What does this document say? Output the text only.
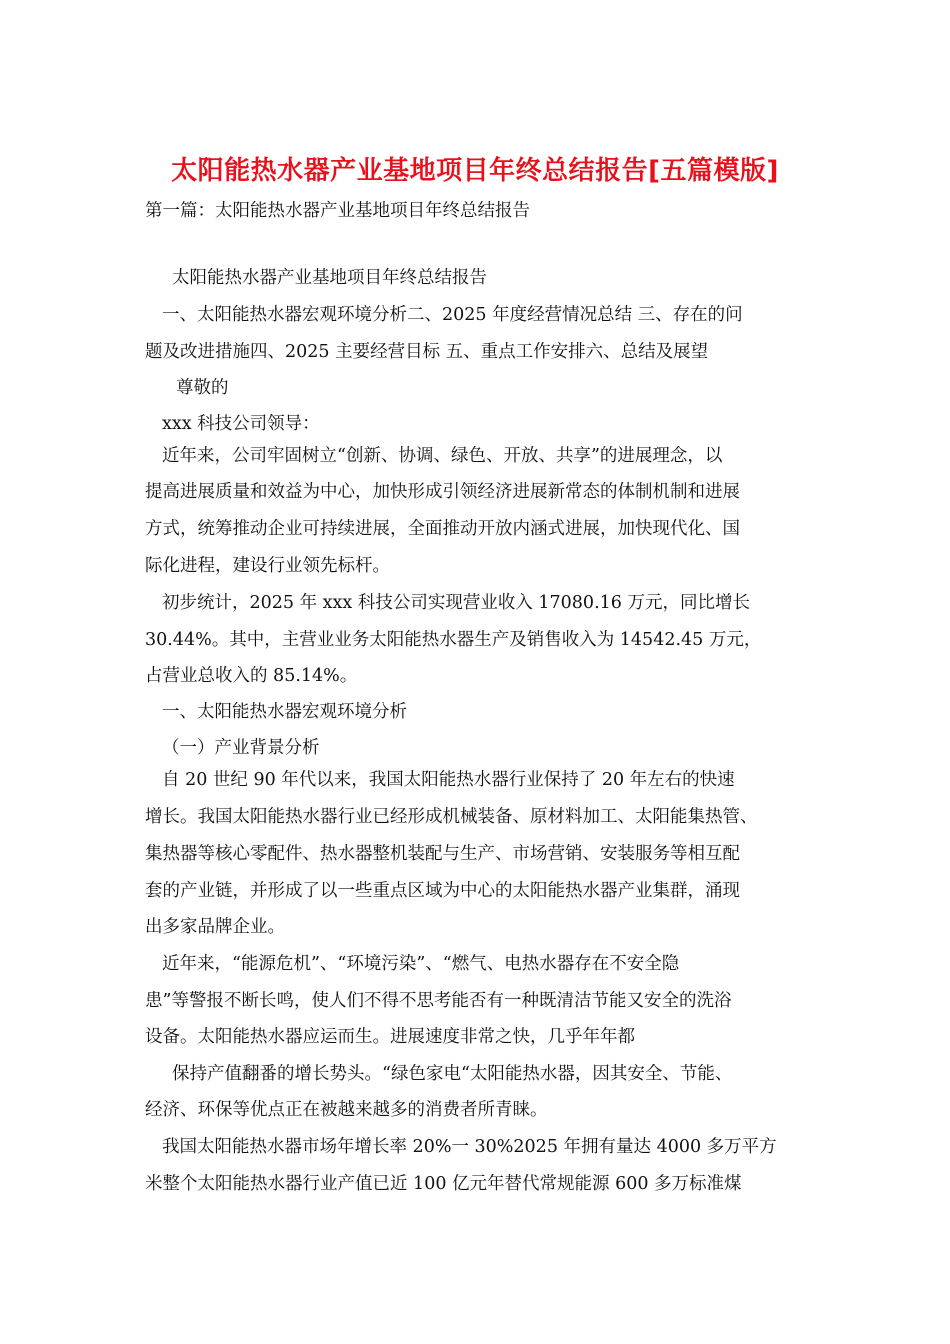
太阳能热水器产业基地项目年终总结报告[五篇模版]

第一篇：太阳能热水器产业基地项目年终总结报告

太阳能热水器产业基地项目年终总结报告

一、太阳能热水器宏观环境分析二、2025 年度经营情况总结 三、存在的问

题及改进措施四、2025 主要经营目标 五、重点工作安排六、总结及展望

尊敬的

xxx 科技公司领导：

近年来，公司牢固树立“创新、协调、绿色、开放、共享”的进展理念，以

提高进展质量和效益为中心，加快形成引领经济进展新常态的体制机制和进展

方式，统筹推动企业可持续进展，全面推动开放内涵式进展，加快现代化、国

际化进程，建设行业领先标杆。

初步统计，2025 年 xxx 科技公司实现营业收入 17080.16 万元，同比增长

30.44%。其中，主营业业务太阳能热水器生产及销售收入为 14542.45 万元，

占营业总收入的 85.14%。

一、太阳能热水器宏观环境分析

（一）产业背景分析

自 20 世纪 90 年代以来，我国太阳能热水器行业保持了 20 年左右的快速

增长。我国太阳能热水器行业已经形成机械装备、原材料加工、太阳能集热管、

集热器等核心零配件、热水器整机装配与生产、市场营销、安装服务等相互配

套的产业链，并形成了以一些重点区域为中心的太阳能热水器产业集群，涌现

出多家品牌企业。

近年来，“能源危机”、“环境污染”、“燃气、电热水器存在不安全隐

患”等警报不断长鸣，使人们不得不思考能否有一种既清洁节能又安全的洗浴

设备。太阳能热水器应运而生。进展速度非常之快，几乎年年都

保持产值翻番的增长势头。“绿色家电“太阳能热水器，因其安全、节能、

经济、环保等优点正在被越来越多的消费者所青睐。

我国太阳能热水器市场年增长率 20%一 30%2025 年拥有量达 4000 多万平方

米整个太阳能热水器行业产值已近 100 亿元年替代常规能源 600 多万标准煤
